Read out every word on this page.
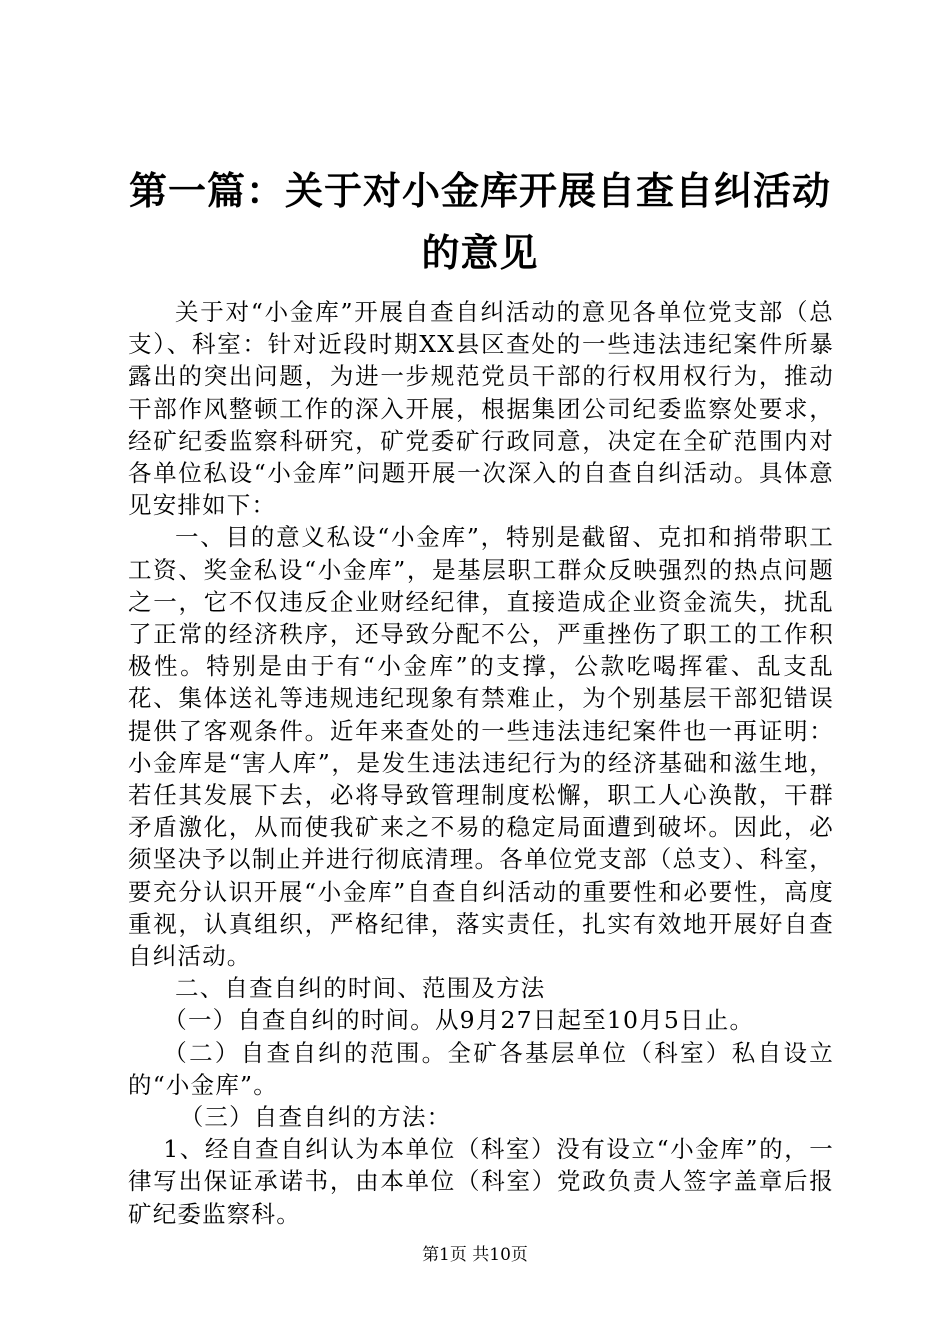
第一篇：关于对小金库开展自查自纠活动的意见

关于对“小金库”开展自查自纠活动的意见各单位党支部（总支）、科室：针对近段时期XX县区查处的一些违法违纪案件所暴露出的突出问题，为进一步规范党员干部的行权用权行为，推动干部作风整顿工作的深入开展，根据集团公司纪委监察处要求，经矿纪委监察科研究，矿党委矿行政同意，决定在全矿范围内对各单位私设“小金库”问题开展一次深入的自查自纠活动。具体意见安排如下：

一、目的意义私设“小金库”，特别是截留、克扣和捎带职工工资、奖金私设“小金库”，是基层职工群众反映强烈的热点问题之一，它不仅违反企业财经纪律，直接造成企业资金流失，扰乱了正常的经济秩序，还导致分配不公，严重挫伤了职工的工作积极性。特别是由于有“小金库”的支撑，公款吃喝挥霍、乱支乱花、集体送礼等违规违纪现象有禁难止，为个别基层干部犯错误提供了客观条件。近年来查处的一些违法违纪案件也一再证明：小金库是“害人库”，是发生违法违纪行为的经济基础和滋生地，若任其发展下去，必将导致管理制度松懈，职工人心涣散，干群矛盾激化，从而使我矿来之不易的稳定局面遭到破坏。因此，必须坚决予以制止并进行彻底清理。各单位党支部（总支）、科室，要充分认识开展“小金库”自查自纠活动的重要性和必要性，高度重视，认真组织，严格纪律，落实责任，扎实有效地开展好自查自纠活动。

二、自查自纠的时间、范围及方法

（一）自查自纠的时间。从9月27日起至10月5日止。

（二）自查自纠的范围。全矿各基层单位（科室）私自设立的“小金库”。

（三）自查自纠的方法：

1、经自查自纠认为本单位（科室）没有设立“小金库”的，一律写出保证承诺书，由本单位（科室）党政负责人签字盖章后报矿纪委监察科。

第1页 共10页
